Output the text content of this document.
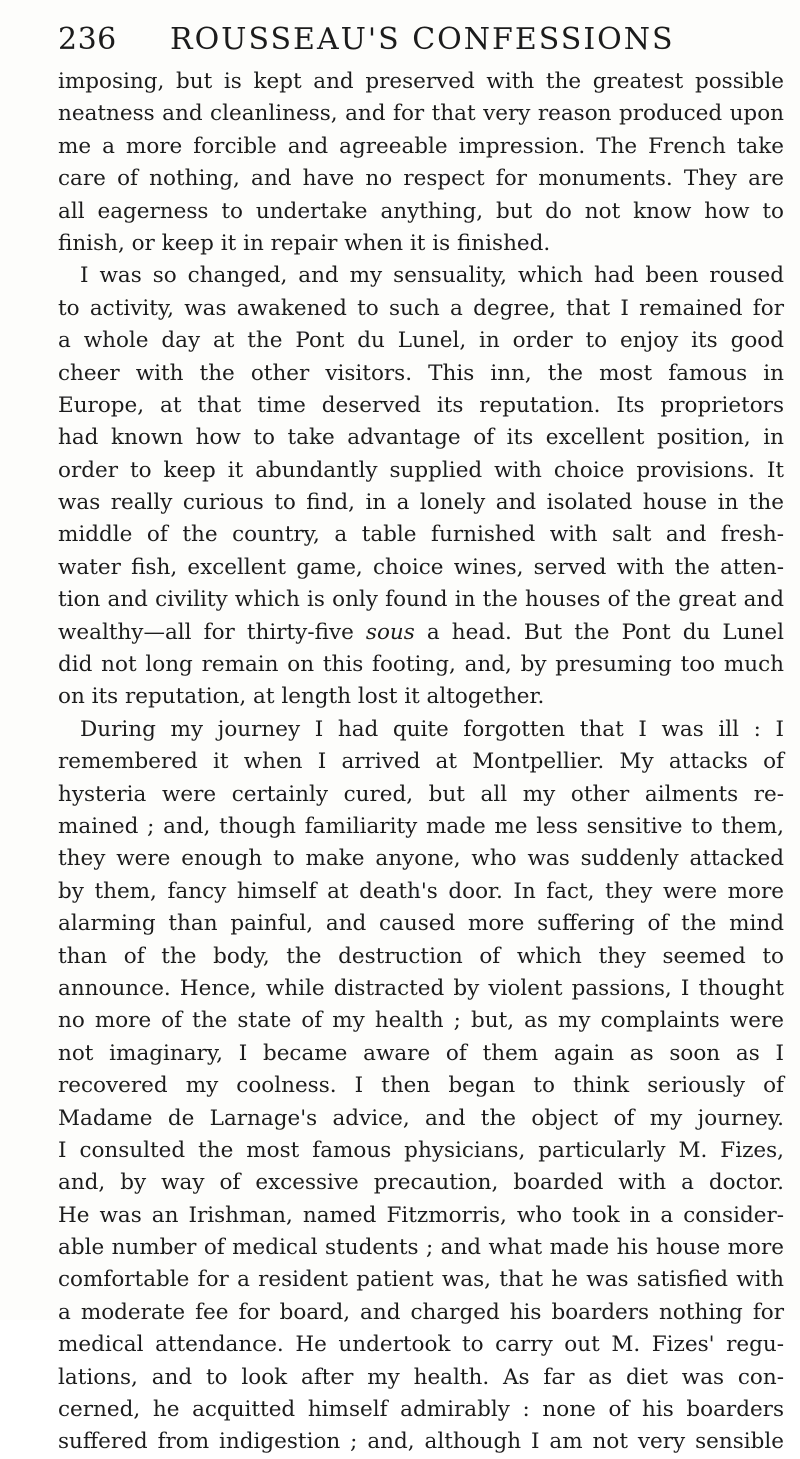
236 ROUSSEAU'S CONFESSIONS
imposing, but is kept and preserved with the greatest possible
neatness and cleanliness, and for that very reason produced upon
me a more forcible and agreeable impression. The French take
care of nothing, and have no respect for monuments. They are
all eagerness to undertake anything, but do not know how to
finish, or keep it in repair when it is finished.
I was so changed, and my sensuality, which had been roused
to activity, was awakened to such a degree, that I remained for
a whole day at the Pont du Lunel, in order to enjoy its good
cheer with the other visitors. This inn, the most famous in
Europe, at that time deserved its reputation. Its proprietors
had known how to take advantage of its excellent position, in
order to keep it abundantly supplied with choice provisions. It
was really curious to find, in a lonely and isolated house in the
middle of the country, a table furnished with salt and fresh-
water fish, excellent game, choice wines, served with the atten-
tion and civility which is only found in the houses of the great and
wealthy—all for thirty-five sous a head. But the Pont du Lunel
did not long remain on this footing, and, by presuming too much
on its reputation, at length lost it altogether.
During my journey I had quite forgotten that I was ill : I
remembered it when I arrived at Montpellier. My attacks of
hysteria were certainly cured, but all my other ailments re-
mained ; and, though familiarity made me less sensitive to them,
they were enough to make anyone, who was suddenly attacked
by them, fancy himself at death's door. In fact, they were more
alarming than painful, and caused more suffering of the mind
than of the body, the destruction of which they seemed to
announce. Hence, while distracted by violent passions, I thought
no more of the state of my health ; but, as my complaints were
not imaginary, I became aware of them again as soon as I
recovered my coolness. I then began to think seriously of
Madame de Larnage's advice, and the object of my journey.
I consulted the most famous physicians, particularly M. Fizes,
and, by way of excessive precaution, boarded with a doctor.
He was an Irishman, named Fitzmorris, who took in a consider-
able number of medical students ; and what made his house more
comfortable for a resident patient was, that he was satisfied with
a moderate fee for board, and charged his boarders nothing for
medical attendance. He undertook to carry out M. Fizes' regu-
lations, and to look after my health. As far as diet was con-
cerned, he acquitted himself admirably : none of his boarders
suffered from indigestion ; and, although I am not very sensible
